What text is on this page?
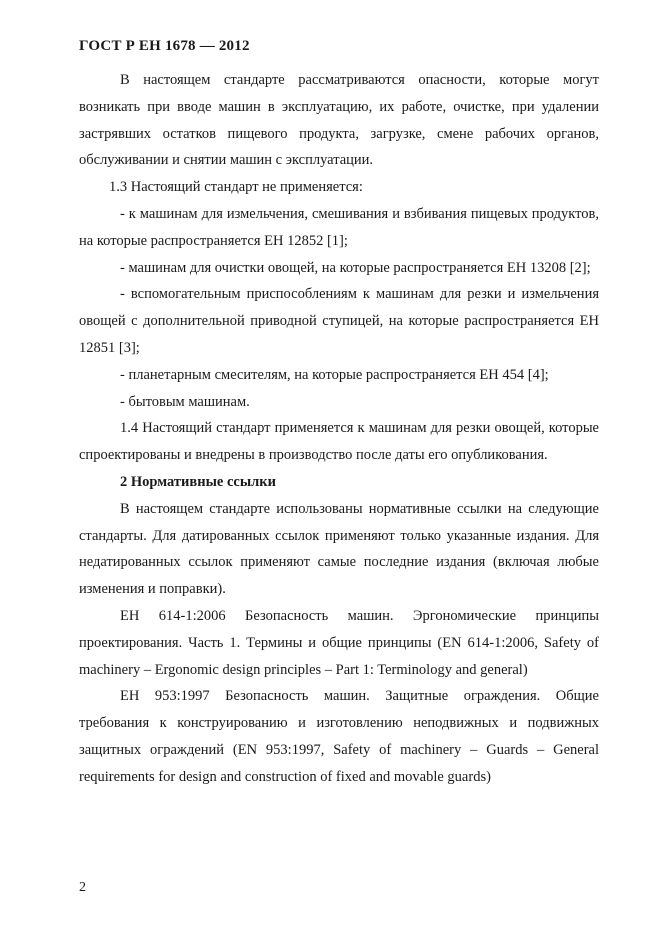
ГОСТ Р ЕН 1678 — 2012

В настоящем стандарте рассматриваются опасности, которые могут возникать при вводе машин в эксплуатацию, их работе, очистке, при удалении застрявших остатков пищевого продукта, загрузке, смене рабочих органов, обслуживании и снятии машин с эксплуатации.

1.3 Настоящий стандарт не применяется:

- к машинам для измельчения, смешивания и взбивания пищевых продуктов, на которые распространяется ЕН 12852 [1];

- машинам для очистки овощей, на которые распространяется ЕН 13208 [2];

- вспомогательным приспособлениям к машинам для резки и измельчения овощей с дополнительной приводной ступицей, на которые распространяется ЕН 12851 [3];

- планетарным смесителям, на которые распространяется ЕН 454 [4];

- бытовым машинам.

1.4 Настоящий стандарт применяется к машинам для резки овощей, которые спроектированы и внедрены в производство после даты его опубликования.

2 Нормативные ссылки

В настоящем стандарте использованы нормативные ссылки на следующие стандарты. Для датированных ссылок применяют только указанные издания. Для недатированных ссылок применяют самые последние издания (включая любые изменения и поправки).

ЕН 614-1:2006 Безопасность машин. Эргономические принципы проектирования. Часть 1. Термины и общие принципы (EN 614-1:2006, Safety of machinery – Ergonomic design principles – Part 1: Terminology and general)

ЕН 953:1997 Безопасность машин. Защитные ограждения. Общие требования к конструированию и изготовлению неподвижных и подвижных защитных ограждений (EN 953:1997, Safety of machinery – Guards – General requirements for design and construction of fixed and movable guards)

2
